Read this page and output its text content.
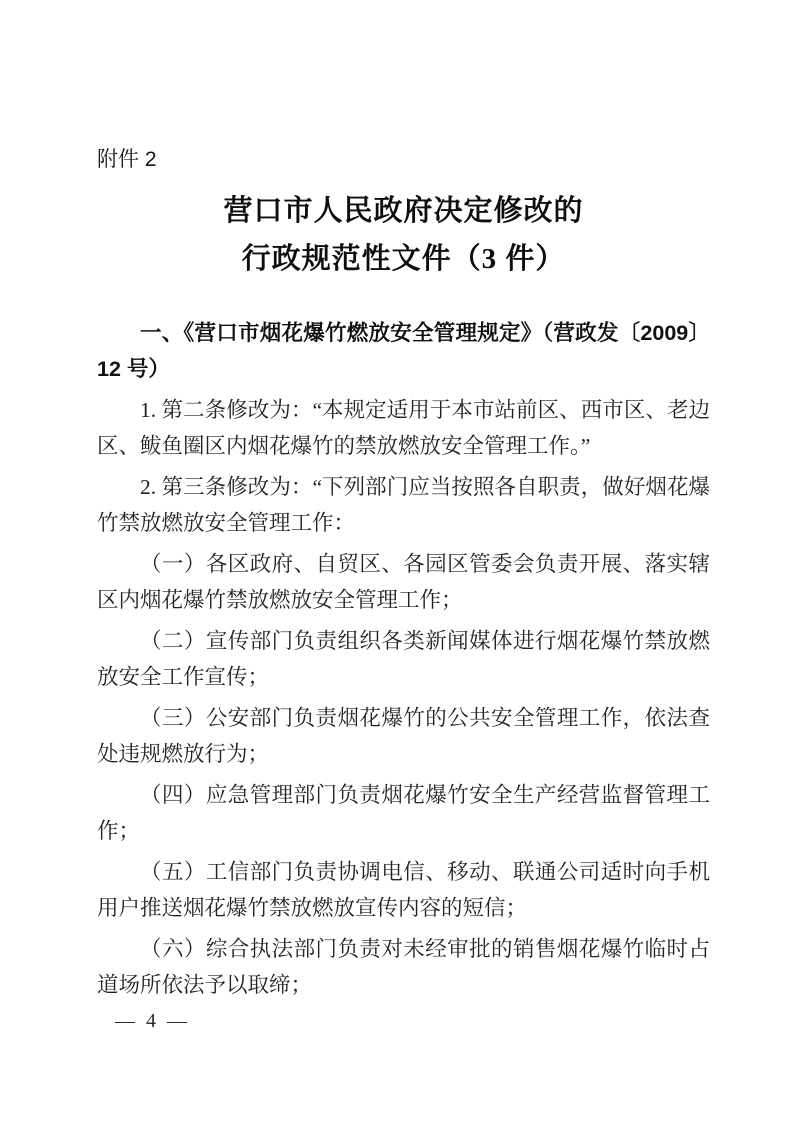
附件 2
营口市人民政府决定修改的
行政规范性文件（3 件）

一、《营口市烟花爆竹燃放安全管理规定》（营政发〔2009〕12 号）

1. 第二条修改为：“本规定适用于本市站前区、西市区、老边区、鲅鱼圈区内烟花爆竹的禁放燃放安全管理工作。”

2. 第三条修改为：“下列部门应当按照各自职责，做好烟花爆竹禁放燃放安全管理工作：

（一）各区政府、自贸区、各园区管委会负责开展、落实辖区内烟花爆竹禁放燃放安全管理工作；

（二）宣传部门负责组织各类新闻媒体进行烟花爆竹禁放燃放安全工作宣传；

（三）公安部门负责烟花爆竹的公共安全管理工作，依法查处违规燃放行为；

（四）应急管理部门负责烟花爆竹安全生产经营监督管理工作；

（五）工信部门负责协调电信、移动、联通公司适时向手机用户推送烟花爆竹禁放燃放宣传内容的短信；

（六）综合执法部门负责对未经审批的销售烟花爆竹临时占道场所依法予以取缔；

— 4 —
